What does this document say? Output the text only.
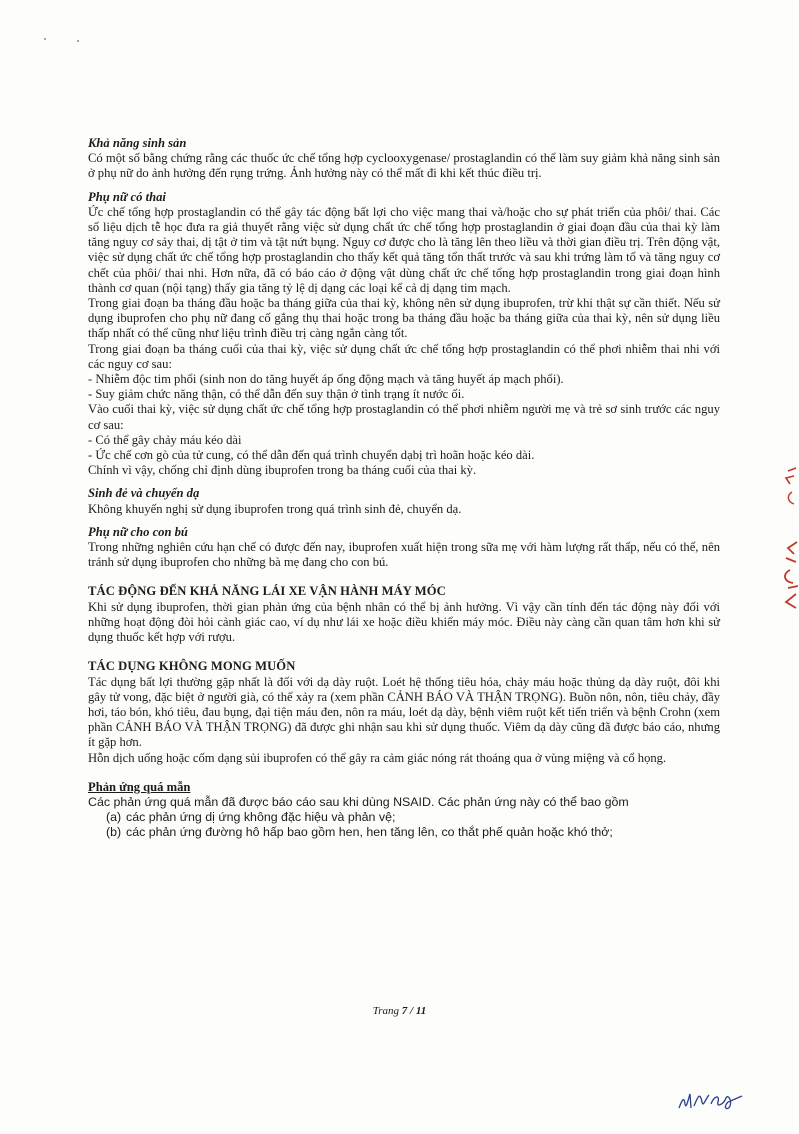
Khả năng sinh sản

Có một số bằng chứng rằng các thuốc ức chế tổng hợp cyclooxygenase/ prostaglandin có thể làm suy giảm khả năng sinh sản ở phụ nữ do ảnh hưởng đến rụng trứng. Ảnh hưởng này có thể mất đi khi kết thúc điều trị.

Phụ nữ có thai

Ức chế tổng hợp prostaglandin có thể gây tác động bất lợi cho việc mang thai và/hoặc cho sự phát triển của phôi/ thai. Các số liệu dịch tễ học đưa ra giả thuyết rằng việc sử dụng chất ức chế tổng hợp prostaglandin ở giai đoạn đầu của thai kỳ làm tăng nguy cơ sảy thai, dị tật ở tim và tật nứt bụng. Nguy cơ được cho là tăng lên theo liều và thời gian điều trị. Trên động vật, việc sử dụng chất ức chế tổng hợp prostaglandin cho thấy kết quả tăng tổn thất trước và sau khi trứng làm tổ và tăng nguy cơ chết của phôi/ thai nhi. Hơn nữa, đã có báo cáo ở động vật dùng chất ức chế tổng hợp prostaglandin trong giai đoạn hình thành cơ quan (nội tạng) thấy gia tăng tỷ lệ dị dạng các loại kể cả dị dạng tim mạch.

Trong giai đoạn ba tháng đầu hoặc ba tháng giữa của thai kỳ, không nên sử dụng ibuprofen, trừ khi thật sự cần thiết. Nếu sử dụng ibuprofen cho phụ nữ đang cố gắng thụ thai hoặc trong ba tháng đầu hoặc ba tháng giữa của thai kỳ, nên sử dụng liều thấp nhất có thể cũng như liệu trình điều trị càng ngắn càng tốt.

Trong giai đoạn ba tháng cuối của thai kỳ, việc sử dụng chất ức chế tổng hợp prostaglandin có thể phơi nhiễm thai nhi với các nguy cơ sau:

- Nhiễm độc tim phổi (sinh non do tăng huyết áp ống động mạch và tăng huyết áp mạch phổi).

- Suy giảm chức năng thận, có thể dẫn đến suy thận ở tình trạng ít nước ối.

Vào cuối thai kỳ, việc sử dụng chất ức chế tổng hợp prostaglandin có thể phơi nhiễm người mẹ và trẻ sơ sinh trước các nguy cơ sau:

- Có thể gây chảy máu kéo dài

- Ức chế cơn gò của tử cung, có thể dẫn đến quá trình chuyển dạbị trì hoãn hoặc kéo dài.

Chính vì vậy, chống chỉ định dùng ibuprofen trong ba tháng cuối của thai kỳ.

Sinh đẻ và chuyển dạ

Không khuyến nghị sử dụng ibuprofen trong quá trình sinh đẻ, chuyển dạ.

Phụ nữ cho con bú

Trong những nghiên cứu hạn chế có được đến nay, ibuprofen xuất hiện trong sữa mẹ với hàm lượng rất thấp, nếu có thể, nên tránh sử dụng ibuprofen cho những bà mẹ đang cho con bú.

TÁC ĐỘNG ĐẾN KHẢ NĂNG LÁI XE VẬN HÀNH MÁY MÓC

Khi sử dụng ibuprofen, thời gian phản ứng của bệnh nhân có thể bị ảnh hưởng. Vì vậy cần tính đến tác động này đối với những hoạt động đòi hỏi cảnh giác cao, ví dụ như lái xe hoặc điều khiển máy móc. Điều này càng cần quan tâm hơn khi sử dụng thuốc kết hợp với rượu.

TÁC DỤNG KHÔNG MONG MUỐN

Tác dụng bất lợi thường gặp nhất là đối với dạ dày ruột. Loét hệ thống tiêu hóa, chảy máu hoặc thủng dạ dày ruột, đôi khi gây tử vong, đặc biệt ở người già, có thể xảy ra (xem phần CẢNH BÁO VÀ THẬN TRỌNG). Buồn nôn, nôn, tiêu chảy, đầy hơi, táo bón, khó tiêu, đau bụng, đại tiện máu đen, nôn ra máu, loét dạ dày, bệnh viêm ruột kết tiến triển và bệnh Crohn (xem phần CẢNH BÁO VÀ THẬN TRỌNG) đã được ghi nhận sau khi sử dụng thuốc. Viêm dạ dày cũng đã được báo cáo, nhưng ít gặp hơn.

Hỗn dịch uống hoặc cốm dạng sủi ibuprofen có thể gây ra cảm giác nóng rát thoáng qua ở vùng miệng và cổ họng.

Phản ứng quá mẫn

Các phản ứng quá mẫn đã được báo cáo sau khi dùng NSAID. Các phản ứng này có thể bao gồm

(a) các phản ứng dị ứng không đặc hiệu và phản vệ;
(b) các phản ứng đường hô hấp bao gồm hen, hen tăng lên, co thắt phế quản hoặc khó thở;
Trang 7 / 11
